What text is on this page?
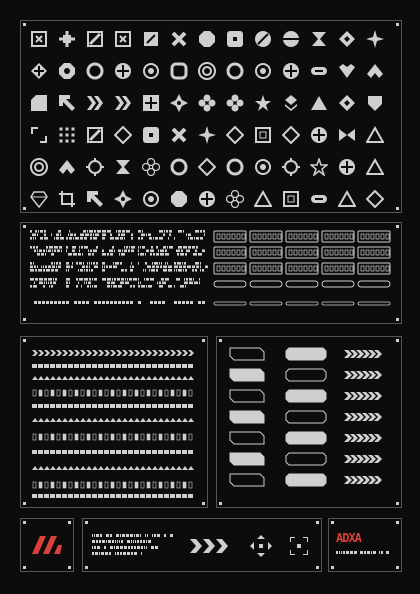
ADXA
